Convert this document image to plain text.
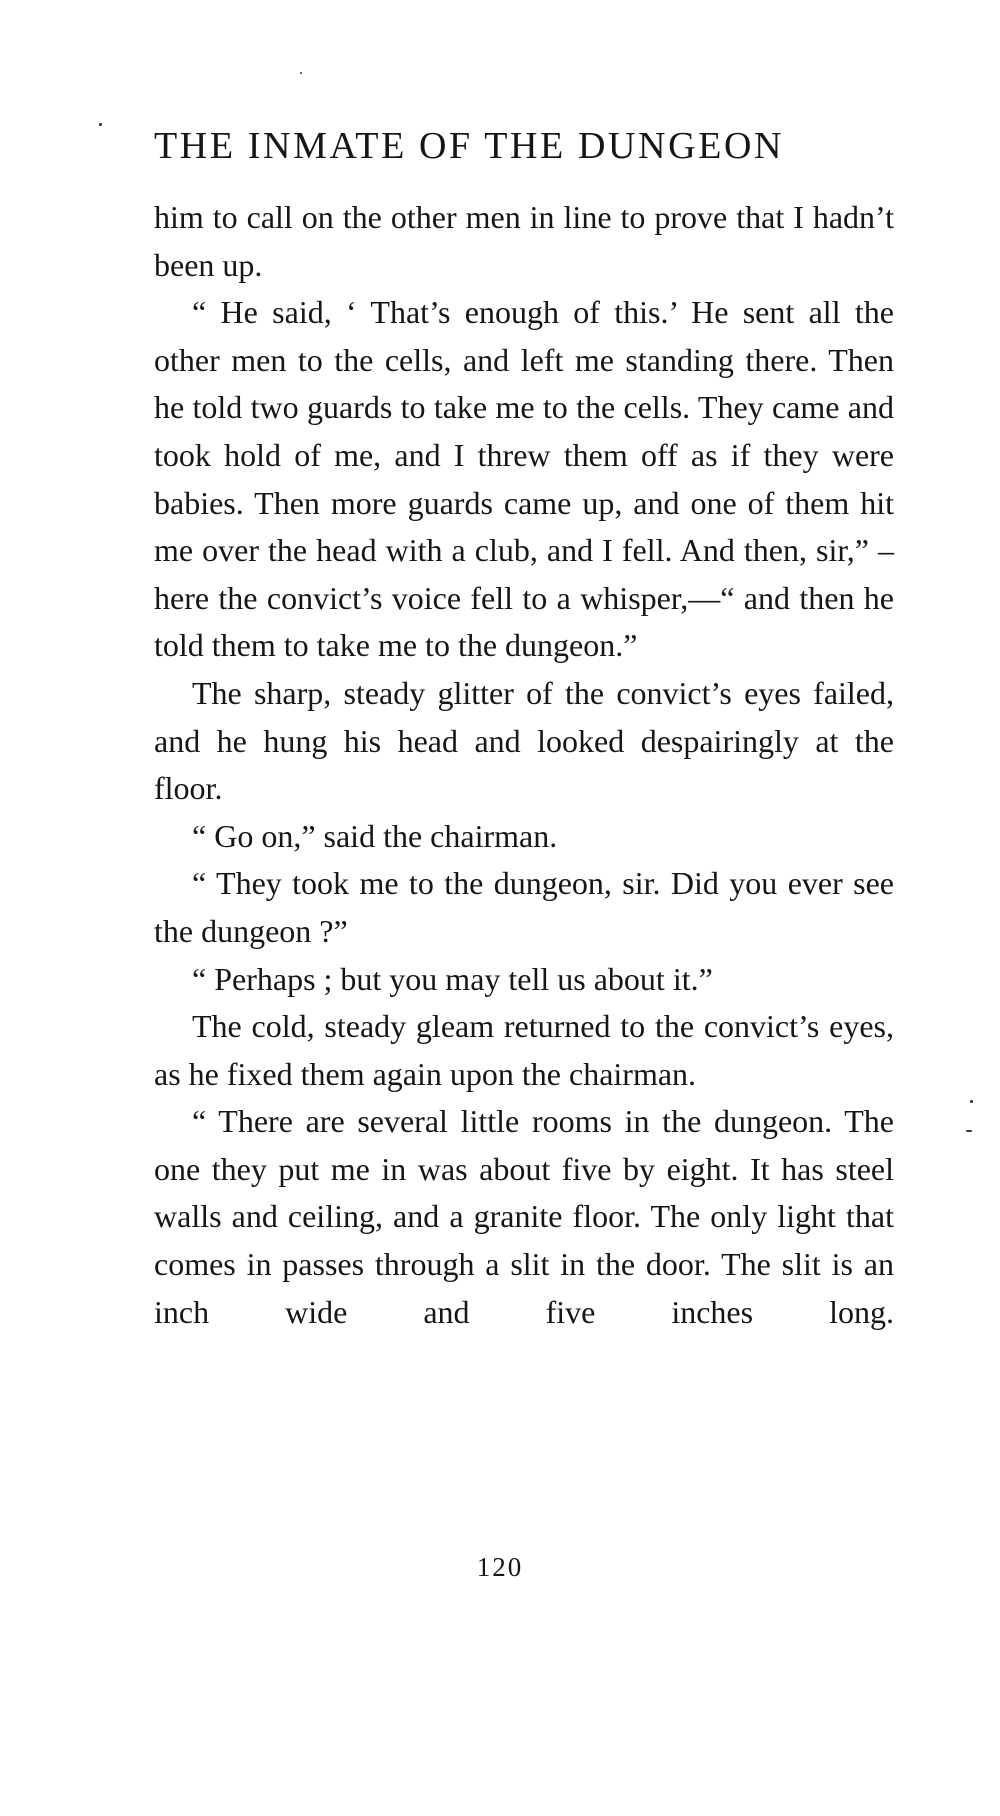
THE INMATE OF THE DUNGEON

him to call on the other men in line to prove that I hadn’t been up.

“ He said, ‘ That’s enough of this.’ He sent all the other men to the cells, and left me standing there. Then he told two guards to take me to the cells. They came and took hold of me, and I threw them off as if they were babies. Then more guards came up, and one of them hit me over the head with a club, and I fell. And then, sir,” – here the convict’s voice fell to a whisper,—“ and then he told them to take me to the dungeon.”

The sharp, steady glitter of the convict’s eyes failed, and he hung his head and looked despairingly at the floor.

“ Go on,” said the chairman.

“ They took me to the dungeon, sir. Did you ever see the dungeon ?”

“ Perhaps ; but you may tell us about it.”

The cold, steady gleam returned to the convict’s eyes, as he fixed them again upon the chairman.

“ There are several little rooms in the dungeon. The one they put me in was about five by eight. It has steel walls and ceiling, and a granite floor. The only light that comes in passes through a slit in the door. The slit is an inch wide and five inches long.

120
